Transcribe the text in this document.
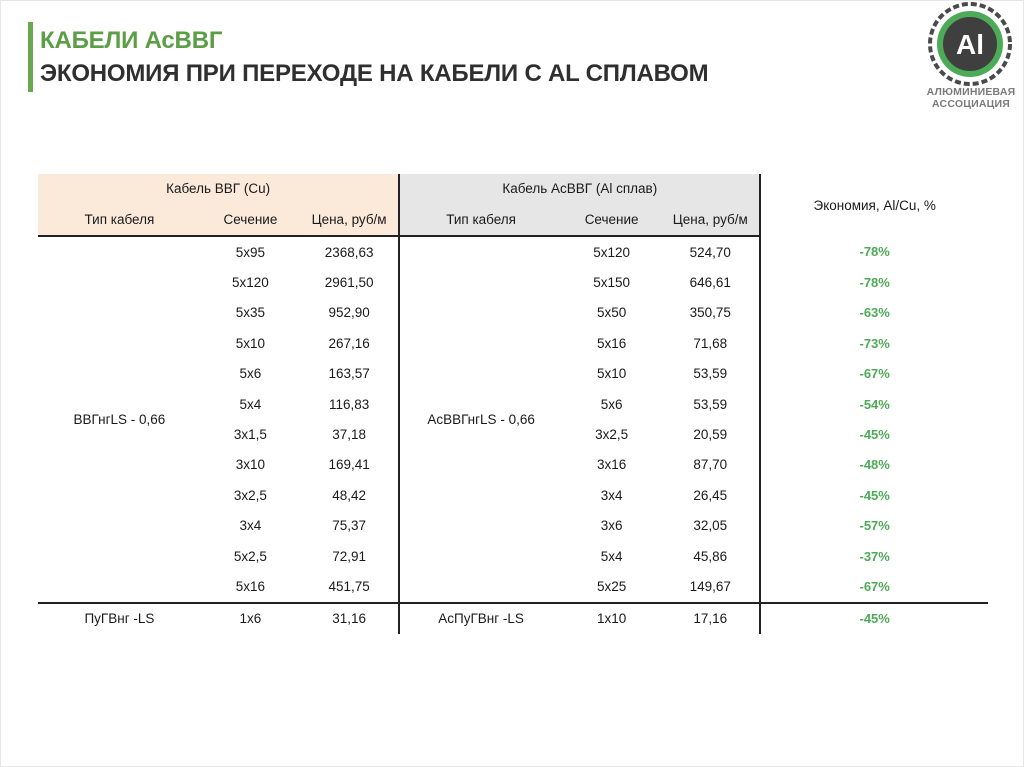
КАБЕЛИ АсВВГ
ЭКОНОМИЯ ПРИ ПЕРЕХОДЕ НА КАБЕЛИ С AL СПЛАВОМ
Al
АЛЮМИНИЕВАЯ
АССОЦИАЦИЯ
Кабель ВВГ (Cu)			Кабель АсВВГ (Al сплав)			Экономия, Al/Cu, %
Тип кабеля	Сечение	Цена, руб/м	Тип кабеля	Сечение	Цена, руб/м	
ВВГнгLS - 0,66	5х95	2368,63	АсВВГнгLS - 0,66	5х120	524,70	-78%
	5х120	2961,50		5х150	646,61	-78%
	5х35	952,90		5х50	350,75	-63%
	5х10	267,16		5х16	71,68	-73%
	5х6	163,57		5х10	53,59	-67%
	5х4	116,83		5х6	53,59	-54%
	3х1,5	37,18		3х2,5	20,59	-45%
	3х10	169,41		3х16	87,70	-48%
	3х2,5	48,42		3х4	26,45	-45%
	3х4	75,37		3х6	32,05	-57%
	5х2,5	72,91		5х4	45,86	-37%
	5х16	451,75		5х25	149,67	-67%
ПуГВнг -LS	1х6	31,16	АсПуГВнг -LS	1х10	17,16	-45%
